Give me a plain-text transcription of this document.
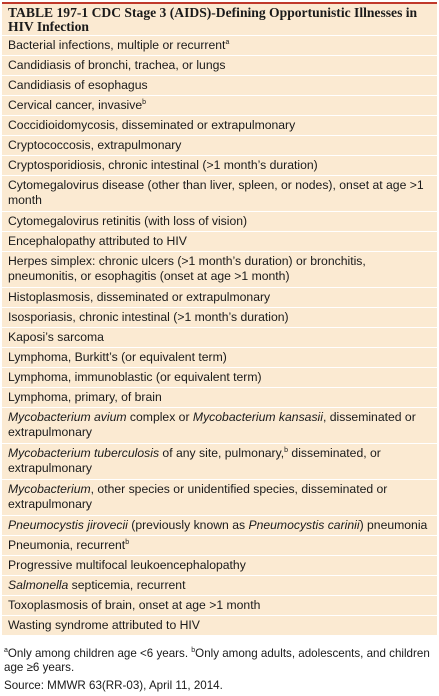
TABLE 197-1 CDC Stage 3 (AIDS)-Defining Opportunistic Illnesses in HIV Infection
Bacterial infections, multiple or recurrent$^a$
Candidiasis of bronchi, trachea, or lungs
Candidiasis of esophagus
Cervical cancer, invasive$^b$
Coccidioidomycosis, disseminated or extrapulmonary
Cryptococcosis, extrapulmonary
Cryptosporidiosis, chronic intestinal (>1 month’s duration)
Cytomegalovirus disease (other than liver, spleen, or nodes), onset at age >1 month
Cytomegalovirus retinitis (with loss of vision)
Encephalopathy attributed to HIV
Herpes simplex: chronic ulcers (>1 month’s duration) or bronchitis, pneumonitis, or esophagitis (onset at age >1 month)
Histoplasmosis, disseminated or extrapulmonary
Isosporiasis, chronic intestinal (>1 month’s duration)
Kaposi’s sarcoma
Lymphoma, Burkitt’s (or equivalent term)
Lymphoma, immunoblastic (or equivalent term)
Lymphoma, primary, of brain
Mycobacterium avium complex or Mycobacterium kansasii, disseminated or extrapulmonary
Mycobacterium tuberculosis of any site, pulmonary,$^b$ disseminated, or extrapulmonary
Mycobacterium, other species or unidentified species, disseminated or extrapulmonary
Pneumocystis jirovecii (previously known as Pneumocystis carinii) pneumonia
Pneumonia, recurrent$^b$
Progressive multifocal leukoencephalopathy
Salmonella septicemia, recurrent
Toxoplasmosis of brain, onset at age >1 month
Wasting syndrome attributed to HIV
$^a$Only among children age <6 years. $^b$Only among adults, adolescents, and children age ≥6 years.
Source: MMWR 63(RR-03), April 11, 2014.
